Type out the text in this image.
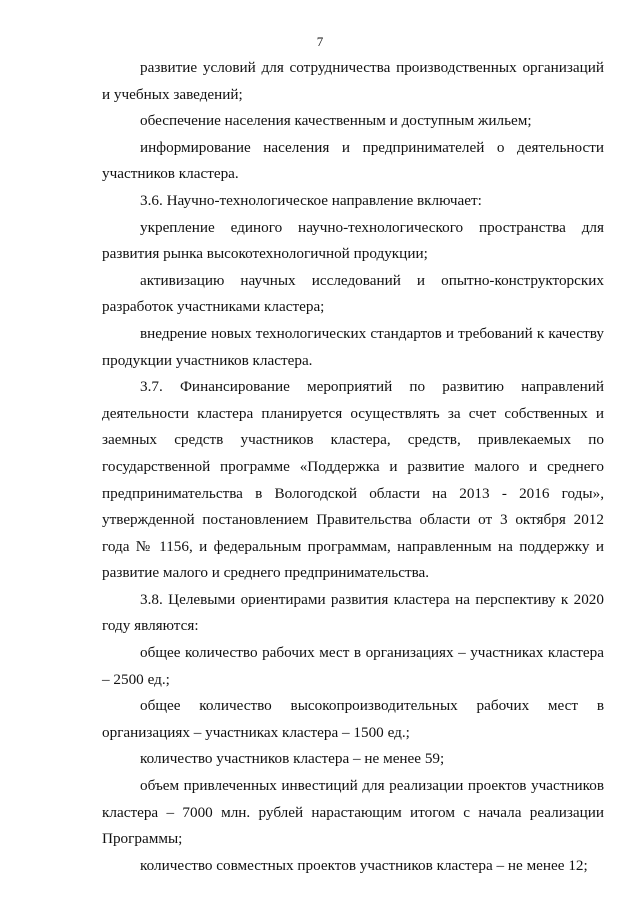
7

развитие условий для сотрудничества производственных организаций и учебных заведений;

обеспечение населения качественным и доступным жильем;

информирование населения и предпринимателей о деятельности участников кластера.

3.6. Научно-технологическое направление включает:

укрепление единого научно-технологического пространства для развития рынка высокотехнологичной продукции;

активизацию научных исследований и опытно-конструкторских разработок участниками кластера;

внедрение новых технологических стандартов и требований к качеству продукции участников кластера.

3.7. Финансирование мероприятий по развитию направлений деятельности кластера планируется осуществлять за счет собственных и заемных средств участников кластера, средств, привлекаемых по государственной программе «Поддержка и развитие малого и среднего предпринимательства в Вологодской области на 2013 - 2016 годы», утвержденной постановлением Правительства области от 3 октября 2012 года № 1156, и федеральным программам, направленным на поддержку и развитие малого и среднего предпринимательства.

3.8. Целевыми ориентирами развития кластера на перспективу к 2020 году являются:

общее количество рабочих мест в организациях – участниках кластера – 2500 ед.;

общее количество высокопроизводительных рабочих мест в организациях – участниках кластера – 1500 ед.;

количество участников кластера – не менее 59;

объем привлеченных инвестиций для реализации проектов участников кластера – 7000 млн. рублей нарастающим итогом с начала реализации Программы;

количество совместных проектов участников кластера – не менее 12;
